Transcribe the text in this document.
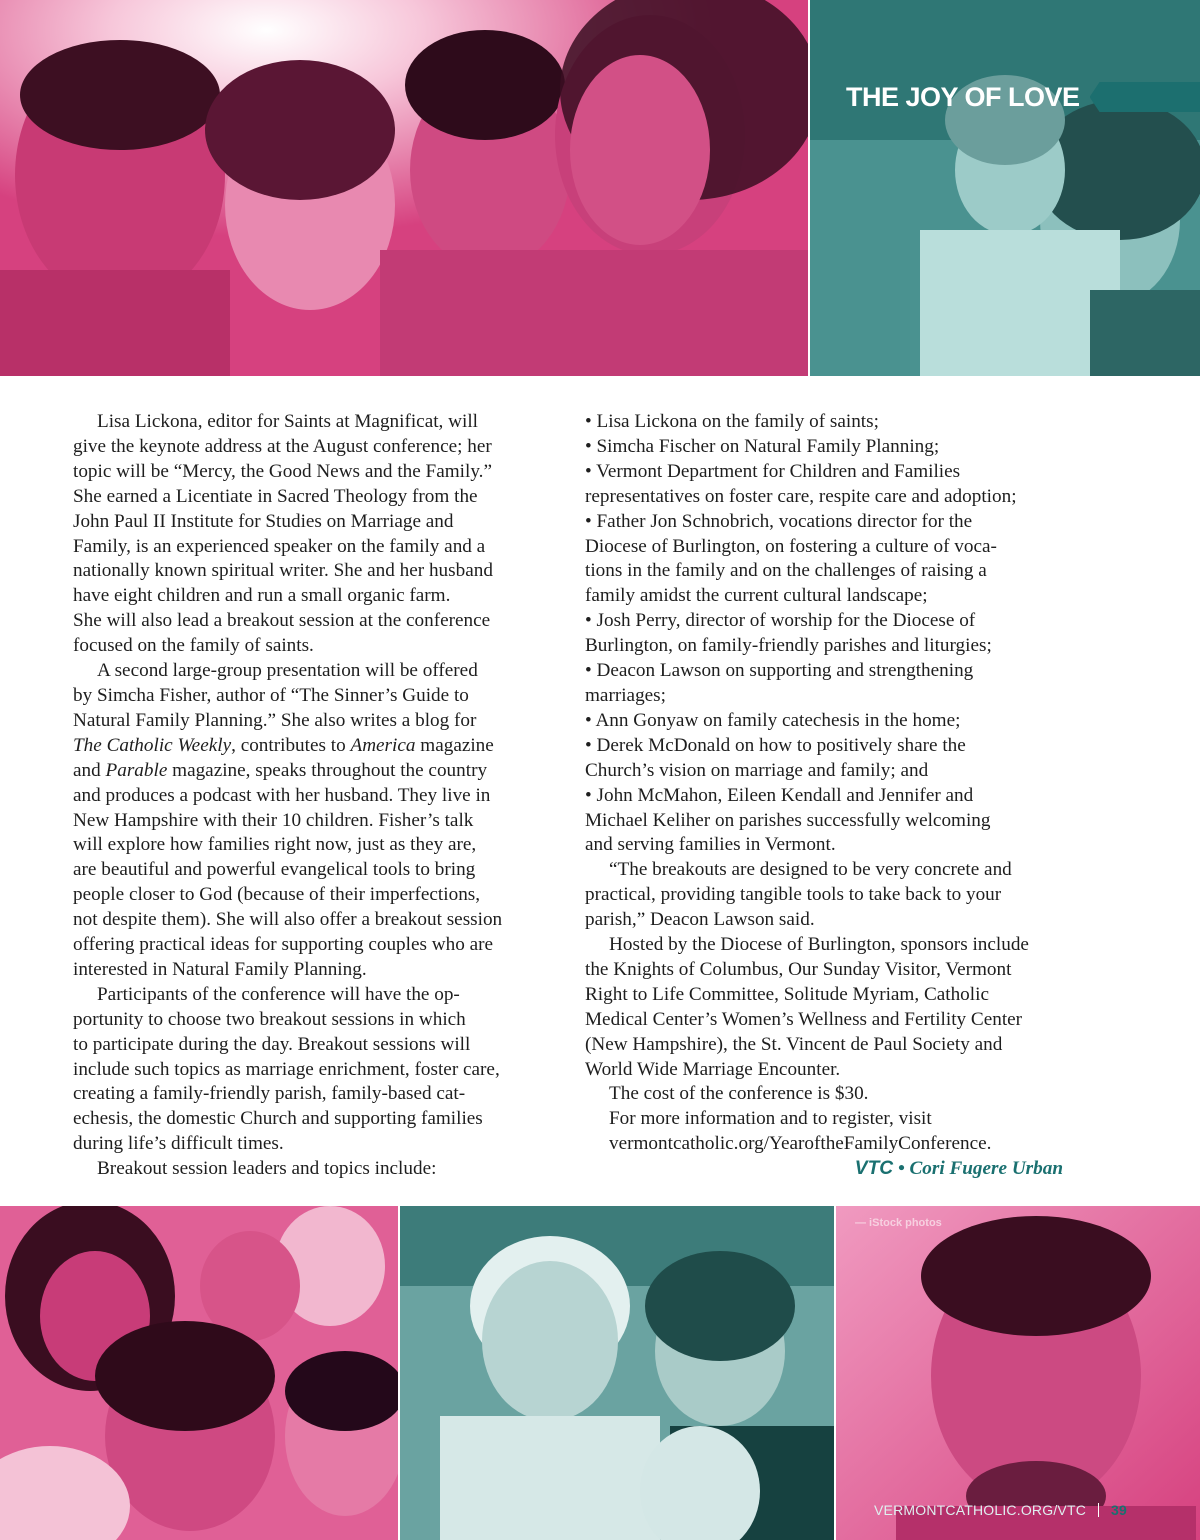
THE JOY OF LOVE

Lisa Lickona, editor for Saints at Magnificat, will
give the keynote address at the August conference; her
topic will be “Mercy, the Good News and the Family.”
She earned a Licentiate in Sacred Theology from the
John Paul II Institute for Studies on Marriage and
Family, is an experienced speaker on the family and a
nationally known spiritual writer. She and her husband
have eight children and run a small organic farm.
She will also lead a breakout session at the conference
focused on the family of saints.

A second large-group presentation will be offered
by Simcha Fisher, author of “The Sinner’s Guide to
Natural Family Planning.” She also writes a blog for
The Catholic Weekly, contributes to America magazine
and Parable magazine, speaks throughout the country
and produces a podcast with her husband. They live in
New Hampshire with their 10 children. Fisher’s talk
will explore how families right now, just as they are,
are beautiful and powerful evangelical tools to bring
people closer to God (because of their imperfections,
not despite them). She will also offer a breakout session
offering practical ideas for supporting couples who are
interested in Natural Family Planning.

Participants of the conference will have the op-
portunity to choose two breakout sessions in which
to participate during the day. Breakout sessions will
include such topics as marriage enrichment, foster care,
creating a family-friendly parish, family-based cat-
echesis, the domestic Church and supporting families
during life’s difficult times.

Breakout session leaders and topics include:

• Lisa Lickona on the family of saints;

• Simcha Fischer on Natural Family Planning;

• Vermont Department for Children and Families
representatives on foster care, respite care and adoption;

• Father Jon Schnobrich, vocations director for the
Diocese of Burlington, on fostering a culture of voca-
tions in the family and on the challenges of raising a
family amidst the current cultural landscape;

• Josh Perry, director of worship for the Diocese of
Burlington, on family-friendly parishes and liturgies;

• Deacon Lawson on supporting and strengthening
marriages;

• Ann Gonyaw on family catechesis in the home;

• Derek McDonald on how to positively share the
Church’s vision on marriage and family; and

• John McMahon, Eileen Kendall and Jennifer and
Michael Keliher on parishes successfully welcoming
and serving families in Vermont.

“The breakouts are designed to be very concrete and
practical, providing tangible tools to take back to your
parish,” Deacon Lawson said.

Hosted by the Diocese of Burlington, sponsors include
the Knights of Columbus, Our Sunday Visitor, Vermont
Right to Life Committee, Solitude Myriam, Catholic
Medical Center’s Women’s Wellness and Fertility Center
(New Hampshire), the St. Vincent de Paul Society and
World Wide Marriage Encounter.

The cost of the conference is $30.

For more information and to register, visit
vermontcatholic.org/YearoftheFamilyConference.

VTC • Cori Fugere Urban

— iStock photos
VERMONTCATHOLIC.ORG/VTC 39
